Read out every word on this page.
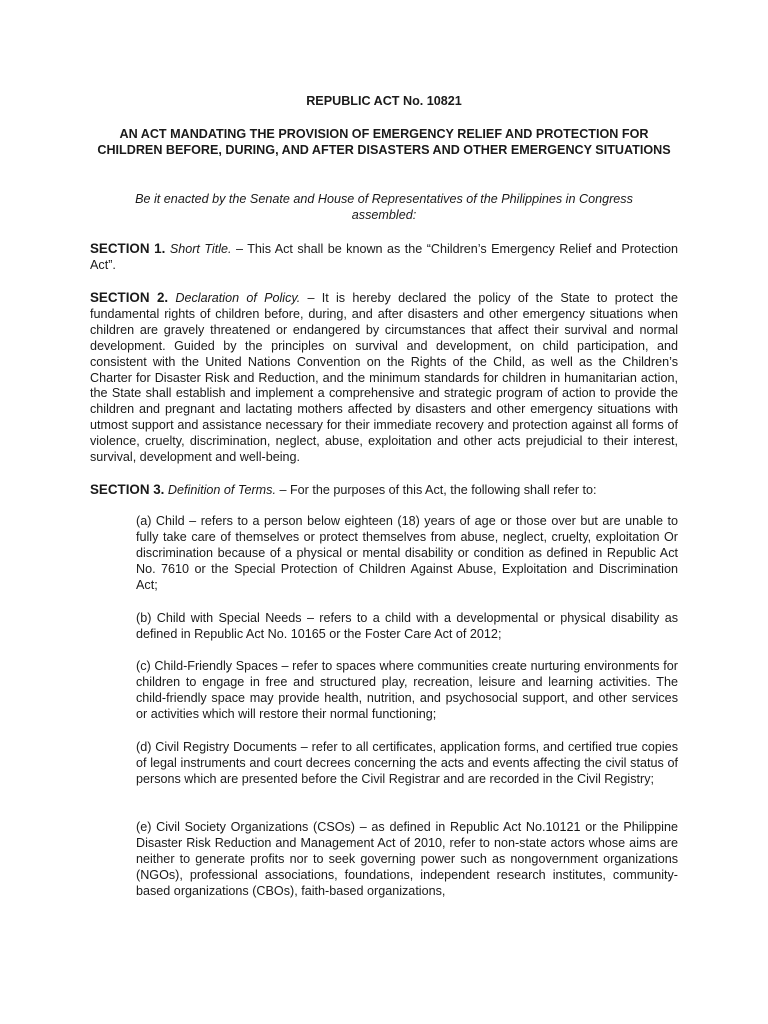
REPUBLIC ACT No. 10821
AN ACT MANDATING THE PROVISION OF EMERGENCY RELIEF AND PROTECTION FOR CHILDREN BEFORE, DURING, AND AFTER DISASTERS AND OTHER EMERGENCY SITUATIONS
Be it enacted by the Senate and House of Representatives of the Philippines in Congress assembled:
SECTION 1. Short Title. – This Act shall be known as the “Children’s Emergency Relief and Protection Act”.
SECTION 2. Declaration of Policy. – It is hereby declared the policy of the State to protect the fundamental rights of children before, during, and after disasters and other emergency situations when children are gravely threatened or endangered by circumstances that affect their survival and normal development. Guided by the principles on survival and development, on child participation, and consistent with the United Nations Convention on the Rights of the Child, as well as the Children’s Charter for Disaster Risk and Reduction, and the minimum standards for children in humanitarian action, the State shall establish and implement a comprehensive and strategic program of action to provide the children and pregnant and lactating mothers affected by disasters and other emergency situations with utmost support and assistance necessary for their immediate recovery and protection against all forms of violence, cruelty, discrimination, neglect, abuse, exploitation and other acts prejudicial to their interest, survival, development and well-being.
SECTION 3. Definition of Terms. – For the purposes of this Act, the following shall refer to:
(a) Child – refers to a person below eighteen (18) years of age or those over but are unable to fully take care of themselves or protect themselves from abuse, neglect, cruelty, exploitation Or discrimination because of a physical or mental disability or condition as defined in Republic Act No. 7610 or the Special Protection of Children Against Abuse, Exploitation and Discrimination Act;
(b) Child with Special Needs – refers to a child with a developmental or physical disability as defined in Republic Act No. 10165 or the Foster Care Act of 2012;
(c) Child-Friendly Spaces – refer to spaces where communities create nurturing environments for children to engage in free and structured play, recreation, leisure and learning activities. The child-friendly space may provide health, nutrition, and psychosocial support, and other services or activities which will restore their normal functioning;
(d) Civil Registry Documents – refer to all certificates, application forms, and certified true copies of legal instruments and court decrees concerning the acts and events affecting the civil status of persons which are presented before the Civil Registrar and are recorded in the Civil Registry;
(e) Civil Society Organizations (CSOs) – as defined in Republic Act No.10121 or the Philippine Disaster Risk Reduction and Management Act of 2010, refer to non-state actors whose aims are neither to generate profits nor to seek governing power such as nongovernment organizations (NGOs), professional associations, foundations, independent research institutes, community-based organizations (CBOs), faith-based organizations,
